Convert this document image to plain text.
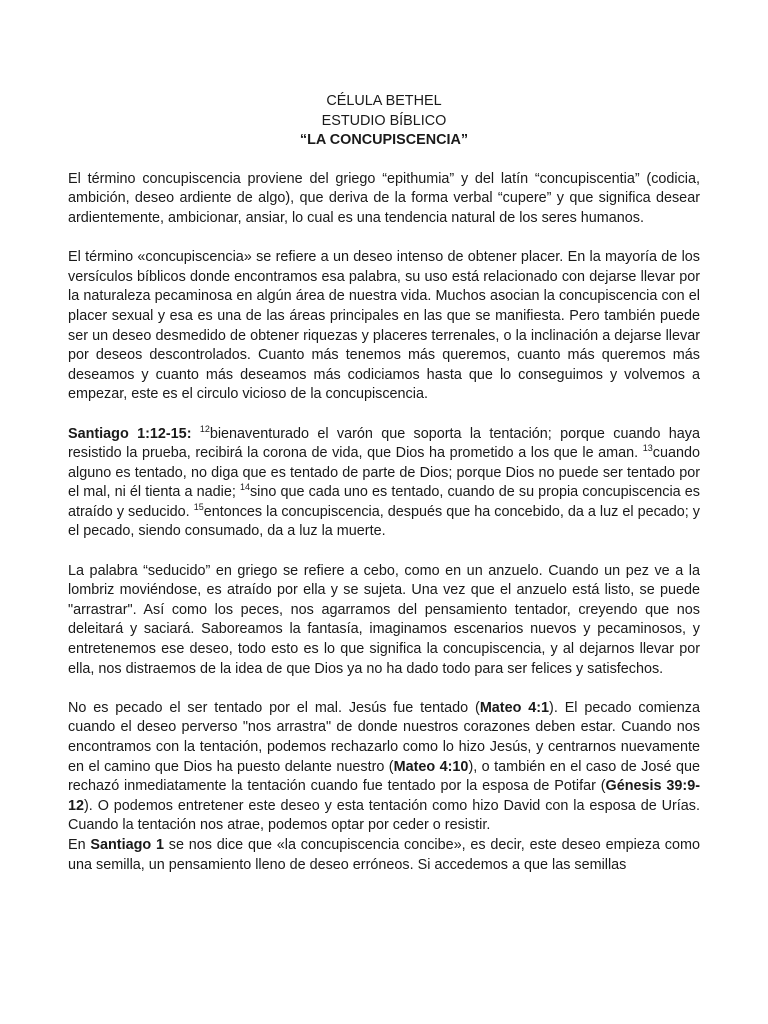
CÉLULA BETHEL
ESTUDIO BÍBLICO
“LA CONCUPISCENCIA”

El término concupiscencia proviene del griego “epithumia” y del latín “concupiscentia” (codicia, ambición, deseo ardiente de algo), que deriva de la forma verbal “cupere” y que significa desear ardientemente, ambicionar, ansiar, lo cual es una tendencia natural de los seres humanos.

El término «concupiscencia» se refiere a un deseo intenso de obtener placer. En la mayoría de los versículos bíblicos donde encontramos esa palabra, su uso está relacionado con dejarse llevar por la naturaleza pecaminosa en algún área de nuestra vida. Muchos asocian la concupiscencia con el placer sexual y esa es una de las áreas principales en las que se manifiesta. Pero también puede ser un deseo desmedido de obtener riquezas y placeres terrenales, o la inclinación a dejarse llevar por deseos descontrolados. Cuanto más tenemos más queremos, cuanto más queremos más deseamos y cuanto más deseamos más codiciamos hasta que lo conseguimos y volvemos a empezar, este es el circulo vicioso de la concupiscencia.

Santiago 1:12-15: $^{12}$bienaventurado el varón que soporta la tentación; porque cuando haya resistido la prueba, recibirá la corona de vida, que Dios ha prometido a los que le aman. $^{13}$cuando alguno es tentado, no diga que es tentado de parte de Dios; porque Dios no puede ser tentado por el mal, ni él tienta a nadie; $^{14}$sino que cada uno es tentado, cuando de su propia concupiscencia es atraído y seducido. $^{15}$entonces la concupiscencia, después que ha concebido, da a luz el pecado; y el pecado, siendo consumado, da a luz la muerte.

La palabra “seducido” en griego se refiere a cebo, como en un anzuelo. Cuando un pez ve a la lombriz moviéndose, es atraído por ella y se sujeta. Una vez que el anzuelo está listo, se puede "arrastrar". Así como los peces, nos agarramos del pensamiento tentador, creyendo que nos deleitará y saciará. Saboreamos la fantasía, imaginamos escenarios nuevos y pecaminosos, y entretenemos ese deseo, todo esto es lo que significa la concupiscencia, y al dejarnos llevar por ella, nos distraemos de la idea de que Dios ya no ha dado todo para ser felices y satisfechos.

No es pecado el ser tentado por el mal. Jesús fue tentado (Mateo 4:1). El pecado comienza cuando el deseo perverso "nos arrastra" de donde nuestros corazones deben estar. Cuando nos encontramos con la tentación, podemos rechazarlo como lo hizo Jesús, y centrarnos nuevamente en el camino que Dios ha puesto delante nuestro (Mateo 4:10), o también en el caso de José que rechazó inmediatamente la tentación cuando fue tentado por la esposa de Potifar (Génesis 39:9-12). O podemos entretener este deseo y esta tentación como hizo David con la esposa de Urías. Cuando la tentación nos atrae, podemos optar por ceder o resistir.

En Santiago 1 se nos dice que «la concupiscencia concibe», es decir, este deseo empieza como una semilla, un pensamiento lleno de deseo erróneos. Si accedemos a que las semillas
